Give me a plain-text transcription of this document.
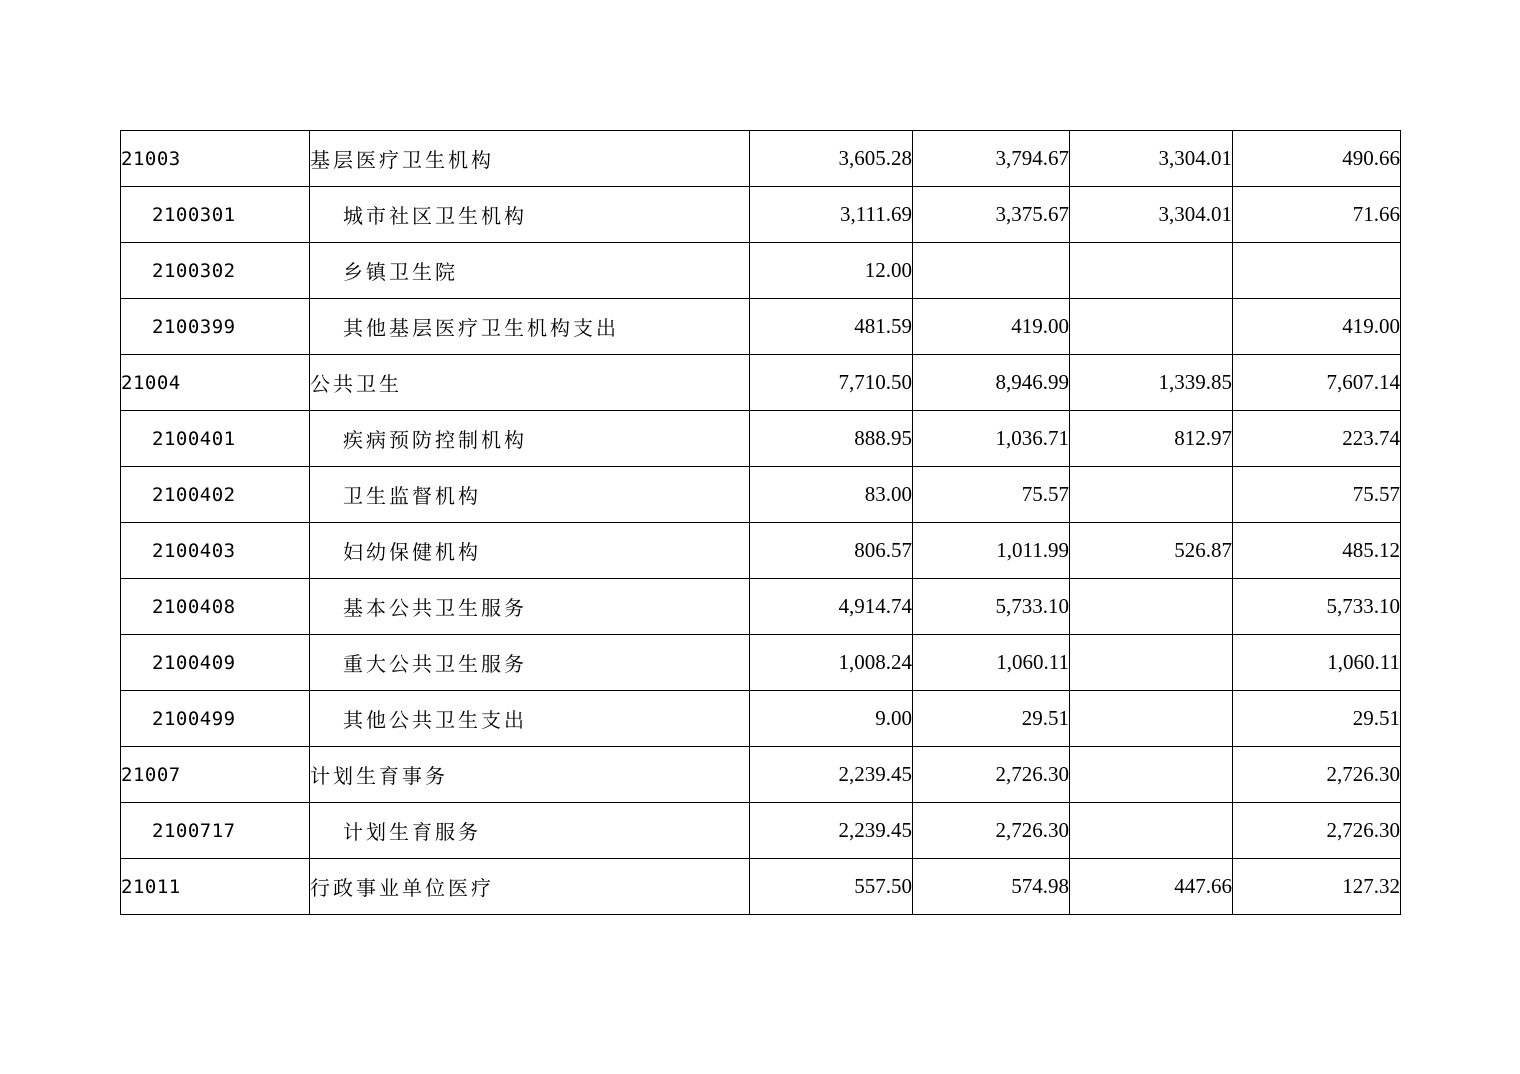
21003	基层医疗卫生机构	3,605.28	3,794.67	3,304.01	490.66
2100301	城市社区卫生机构	3,111.69	3,375.67	3,304.01	71.66
2100302	乡镇卫生院	12.00			
2100399	其他基层医疗卫生机构支出	481.59	419.00		419.00
21004	公共卫生	7,710.50	8,946.99	1,339.85	7,607.14
2100401	疾病预防控制机构	888.95	1,036.71	812.97	223.74
2100402	卫生监督机构	83.00	75.57		75.57
2100403	妇幼保健机构	806.57	1,011.99	526.87	485.12
2100408	基本公共卫生服务	4,914.74	5,733.10		5,733.10
2100409	重大公共卫生服务	1,008.24	1,060.11		1,060.11
2100499	其他公共卫生支出	9.00	29.51		29.51
21007	计划生育事务	2,239.45	2,726.30		2,726.30
2100717	计划生育服务	2,239.45	2,726.30		2,726.30
21011	行政事业单位医疗	557.50	574.98	447.66	127.32
